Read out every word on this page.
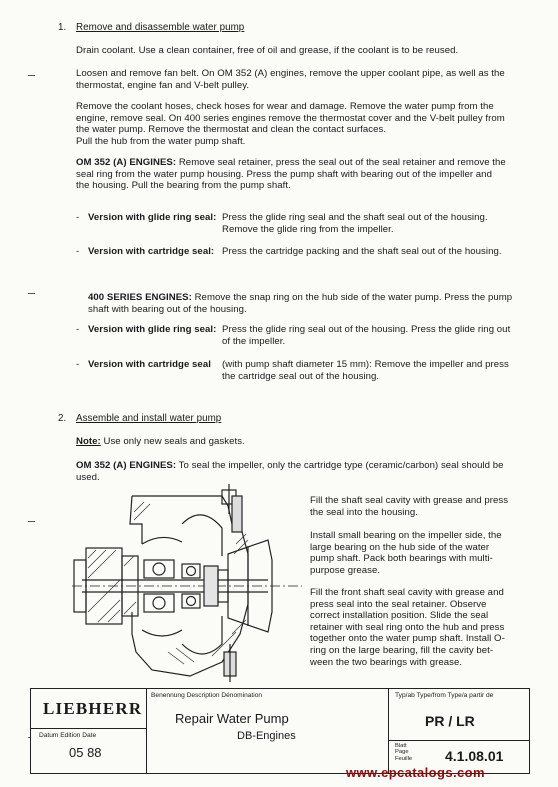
1. Remove and disassemble water pump
Drain coolant. Use a clean container, free of oil and grease, if the coolant is to be reused.
Loosen and remove fan belt. On OM 352 (A) engines, remove the upper coolant pipe, as well as the
thermostat, engine fan and V-belt pulley.
Remove the coolant hoses, check hoses for wear and damage. Remove the water pump from the
engine, remove seal. On 400 series engines remove the thermostat cover and the V-belt pulley from
the water pump. Remove the thermostat and clean the contact surfaces.
Pull the hub from the water pump shaft.
OM 352 (A) ENGINES: Remove seal retainer, press the seal out of the seal retainer and remove the
seal ring from the water pump housing. Press the pump shaft with bearing out of the impeller and
the housing. Pull the bearing from the pump shaft.
- Version with glide ring seal: Press the glide ring seal and the shaft seal out of the housing.
Remove the glide ring from the impeller.
- Version with cartridge seal: Press the cartridge packing and the shaft seal out of the housing.
400 SERIES ENGINES: Remove the snap ring on the hub side of the water pump. Press the pump
shaft with bearing out of the housing.
- Version with glide ring seal: Press the glide ring seal out of the housing. Press the glide ring out
of the impeller.
- Version with cartridge seal (with pump shaft diameter 15 mm): Remove the impeller and press
the cartridge seal out of the housing.
2. Assemble and install water pump
Note: Use only new seals and gaskets.
OM 352 (A) ENGINES: To seal the impeller, only the cartridge type (ceramic/carbon) seal should be
used.
Fill the shaft seal cavity with grease and press
the seal into the housing.
Install small bearing on the impeller side, the
large bearing on the hub side of the water
pump shaft. Pack both bearings with multi-
purpose grease.
Fill the front shaft seal cavity with grease and
press seal into the seal retainer. Observe
correct installation position. Slide the seal
retainer with seal ring onto the hub and press
together onto the water pump shaft. Install O-
ring on the large bearing, fill the cavity bet-
ween the two bearings with grease.
LIEBHERR
Datum Edition Date
05 88
Benennung Description Dénomination
Repair Water Pump
DB-Engines
Typ/ab Type/from Type/a partir de
PR / LR
Blatt
Page
Feuille 4.1.08.01
www.epcatalogs.com
